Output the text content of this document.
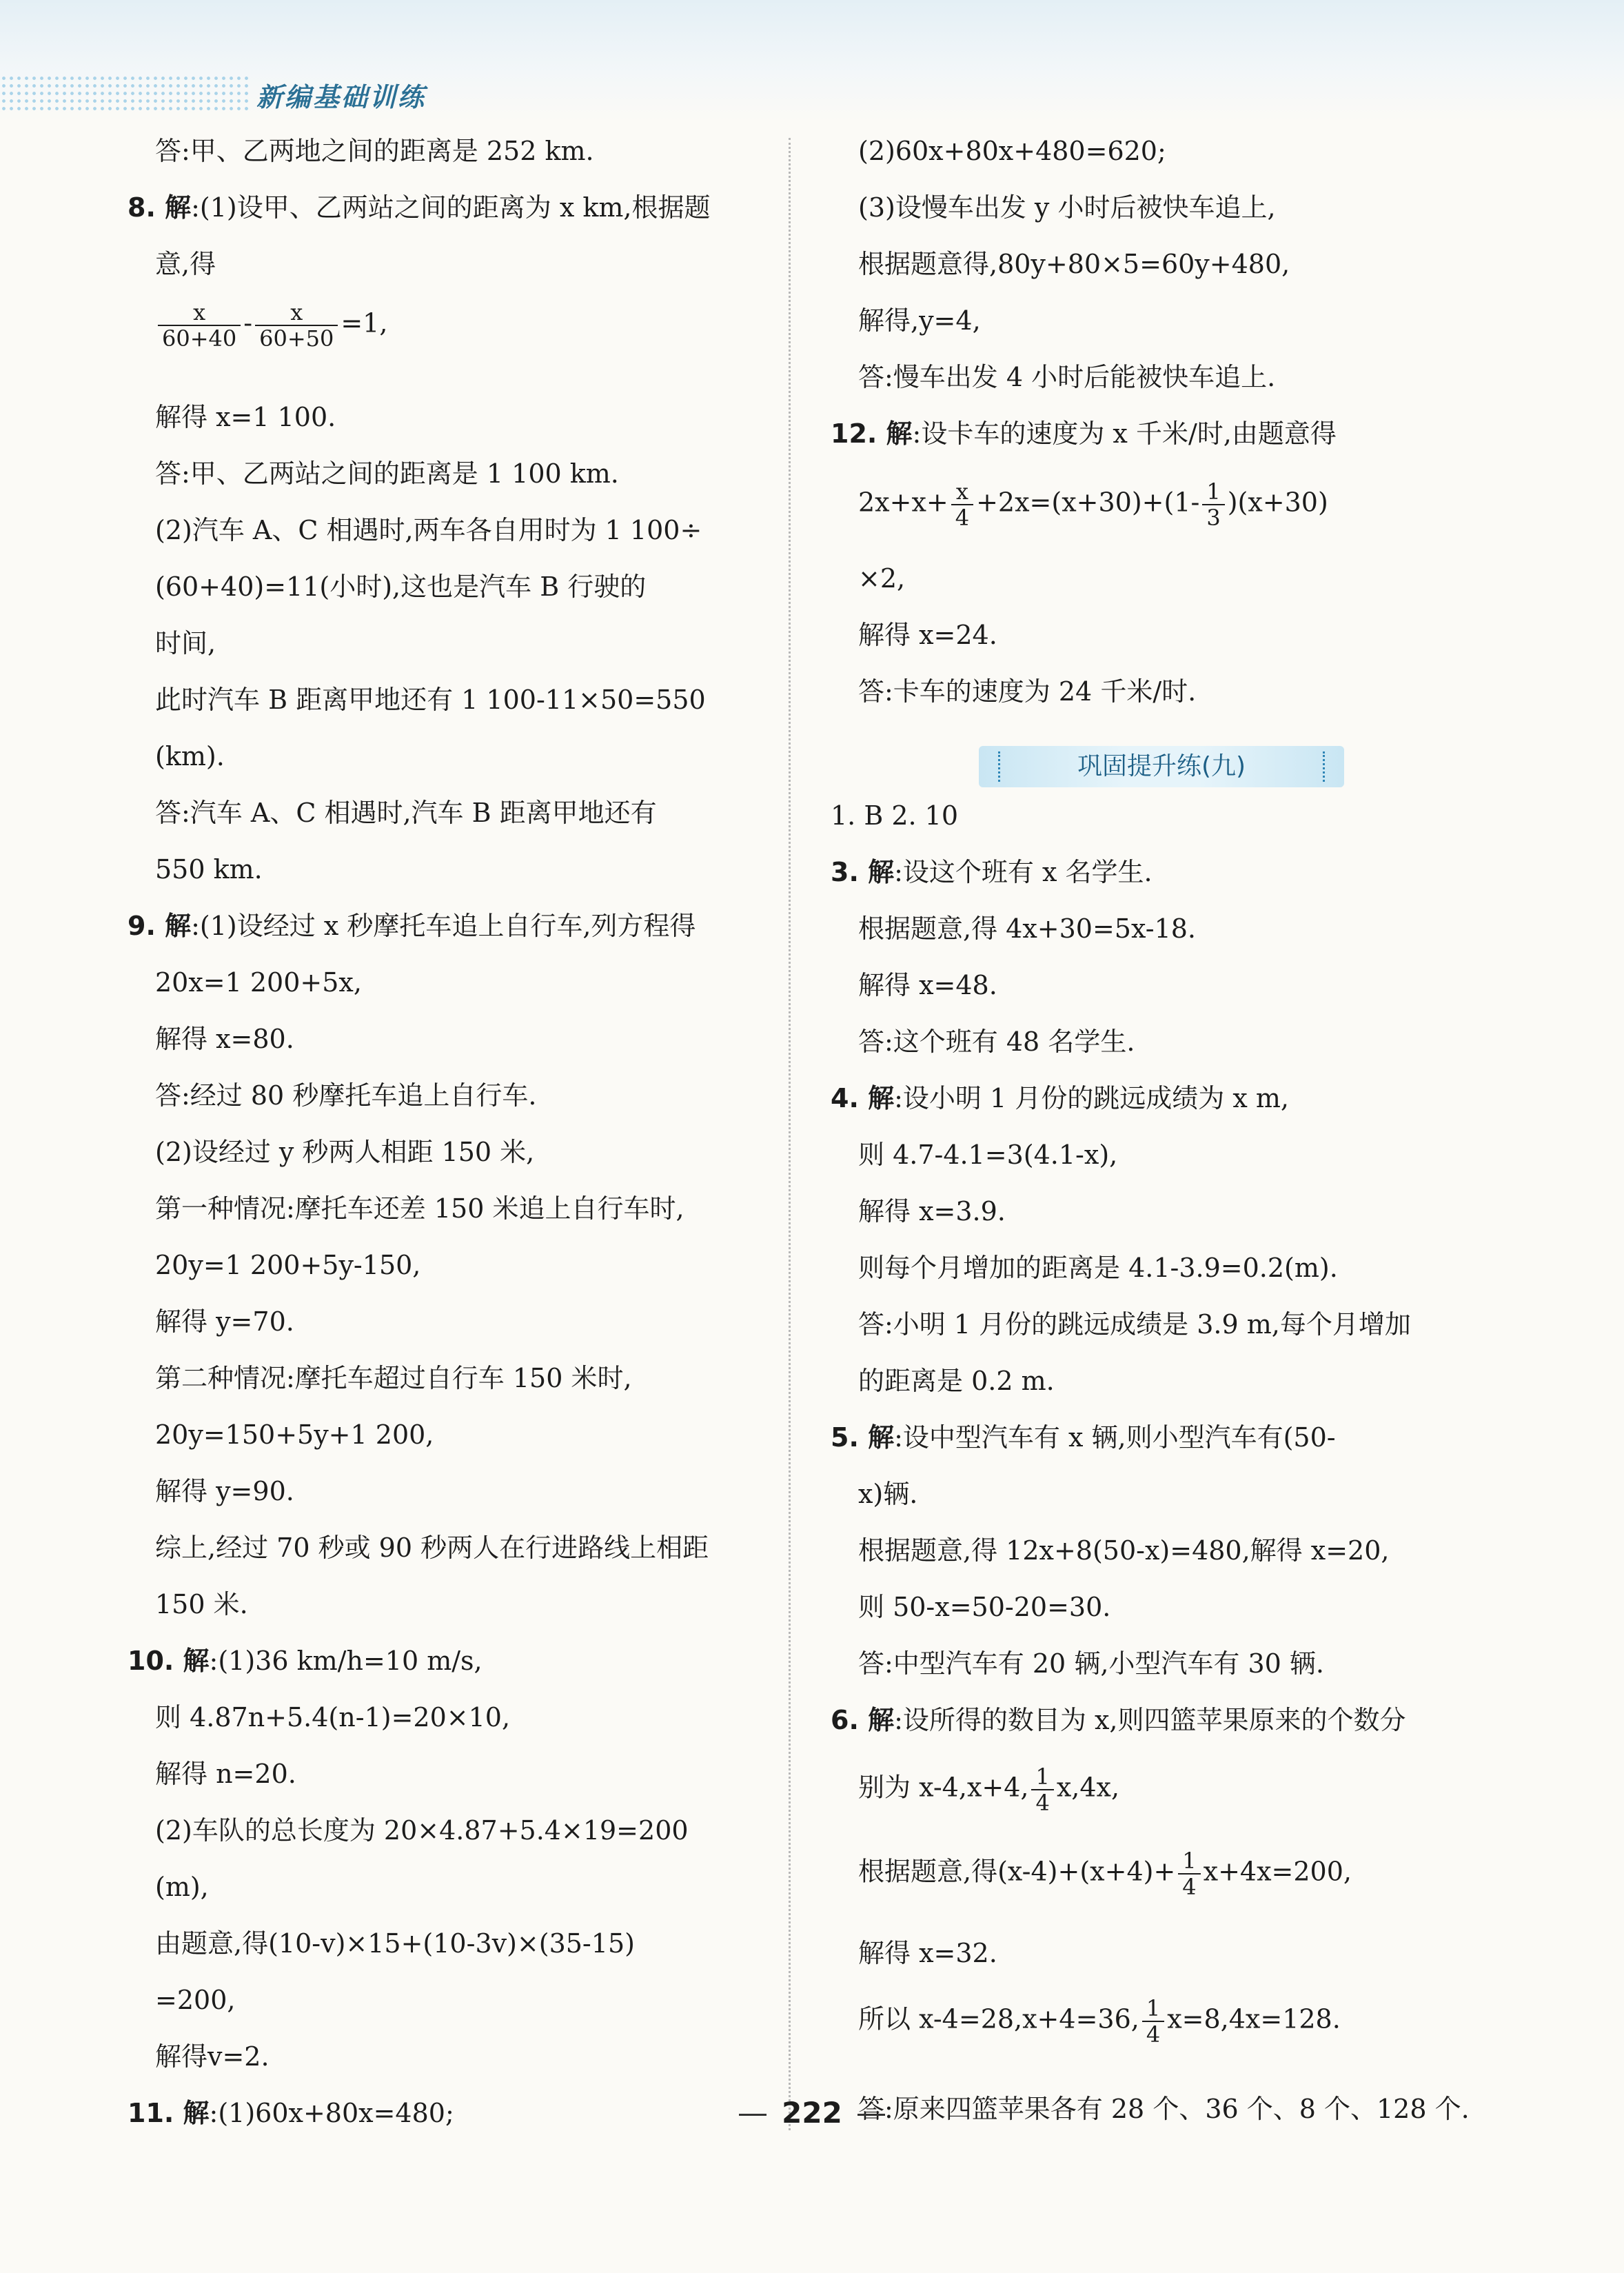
新编基础训练
答:甲、乙两地之间的距离是 252 km.
8. 解:(1)设甲、乙两站之间的距离为 x km,根据题
意,得
$\frac{x}{60+40} - \frac{x}{60+50} =1$,
解得 x=1 100.
答:甲、乙两站之间的距离是 1 100 km.
(2)汽车 A、C 相遇时,两车各自用时为 1 100÷
(60+40)=11(小时),这也是汽车 B 行驶的
时间,
此时汽车 B 距离甲地还有 1 100-11×50=550
(km).
答:汽车 A、C 相遇时,汽车 B 距离甲地还有
550 km.
9. 解:(1)设经过 x 秒摩托车追上自行车,列方程得
20x=1 200+5x,
解得 x=80.
答:经过 80 秒摩托车追上自行车.
(2)设经过 y 秒两人相距 150 米,
第一种情况:摩托车还差 150 米追上自行车时,
20y=1 200+5y-150,
解得 y=70.
第二种情况:摩托车超过自行车 150 米时,
20y=150+5y+1 200,
解得 y=90.
综上,经过 70 秒或 90 秒两人在行进路线上相距
150 米.
10. 解:(1)36 km/h=10 m/s,
则 4.87n+5.4(n-1)=20×10,
解得 n=20.
(2)车队的总长度为 20×4.87+5.4×19=200
(m),
由题意,得(10-v)×15+(10-3v)×(35-15)
=200,
解得v=2.
11. 解:(1)60x+80x=480;
(2)60x+80x+480=620;
(3)设慢车出发 y 小时后被快车追上,
根据题意得,80y+80×5=60y+480,
解得,y=4,
答:慢车出发 4 小时后能被快车追上.
12. 解:设卡车的速度为 x 千米/时,由题意得
$2x+x+ \frac{x}{4} +2x=(x+30)+(1- \frac{1}{3} )(x+30)$
×2,
解得 x=24.
答:卡车的速度为 24 千米/时.
1. B 2. 10
3. 解:设这个班有 x 名学生.
根据题意,得 4x+30=5x-18.
解得 x=48.
答:这个班有 48 名学生.
4. 解:设小明 1 月份的跳远成绩为 x m,
则 4.7-4.1=3(4.1-x),
解得 x=3.9.
则每个月增加的距离是 4.1-3.9=0.2(m).
答:小明 1 月份的跳远成绩是 3.9 m,每个月增加
的距离是 0.2 m.
5. 解:设中型汽车有 x 辆,则小型汽车有(50-
x)辆.
根据题意,得 12x+8(50-x)=480,解得 x=20,
则 50-x=50-20=30.
答:中型汽车有 20 辆,小型汽车有 30 辆.
6. 解:设所得的数目为 x,则四篮苹果原来的个数分
别为 x-4,x+4, $\frac{1}{4} x,4x$,
根据题意,得$(x-4)+(x+4)+ \frac{1}{4} x+4x=200$,
解得 x=32.
所以 x-4=28,x+4=36, $\frac{1}{4} x=8,4x=128$.
答:原来四篮苹果各有 28 个、36 个、8 个、128 个.
巩固提升练(九)
222
